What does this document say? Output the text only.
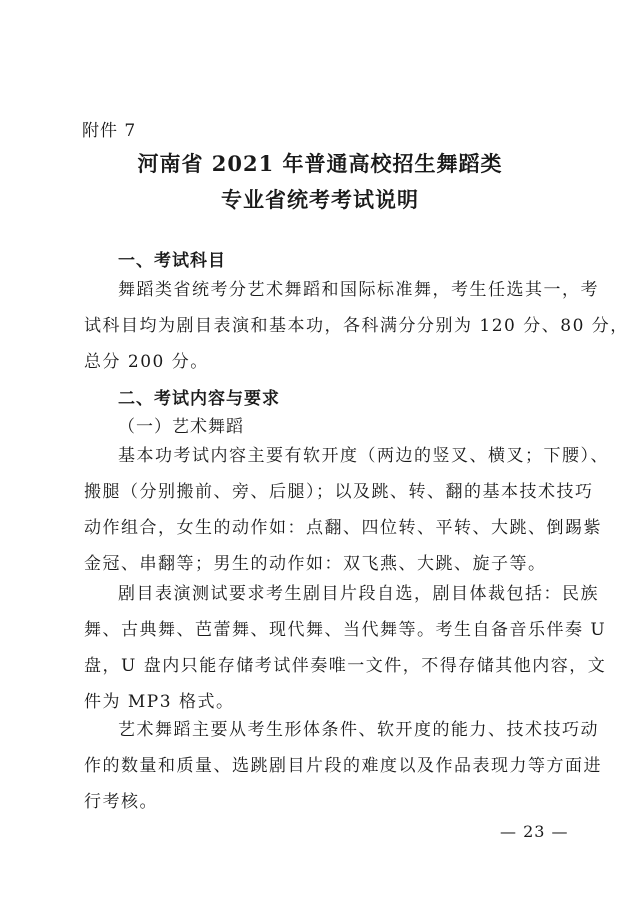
附件 7
河南省 2021 年普通高校招生舞蹈类
专业省统考考试说明
一、考试科目
舞蹈类省统考分艺术舞蹈和国际标准舞，考生任选其一，考
试科目均为剧目表演和基本功，各科满分分别为 120 分、80 分，
总分 200 分。
二、考试内容与要求
（一）艺术舞蹈
基本功考试内容主要有软开度（两边的竖叉、横叉；下腰）、
搬腿（分别搬前、旁、后腿）；以及跳、转、翻的基本技术技巧
动作组合，女生的动作如：点翻、四位转、平转、大跳、倒踢紫
金冠、串翻等；男生的动作如：双飞燕、大跳、旋子等。
剧目表演测试要求考生剧目片段自选，剧目体裁包括：民族
舞、古典舞、芭蕾舞、现代舞、当代舞等。考生自备音乐伴奏 U
盘，U 盘内只能存储考试伴奏唯一文件，不得存储其他内容，文
件为 MP3 格式。
艺术舞蹈主要从考生形体条件、软开度的能力、技术技巧动
作的数量和质量、选跳剧目片段的难度以及作品表现力等方面进
行考核。
— 23 —
